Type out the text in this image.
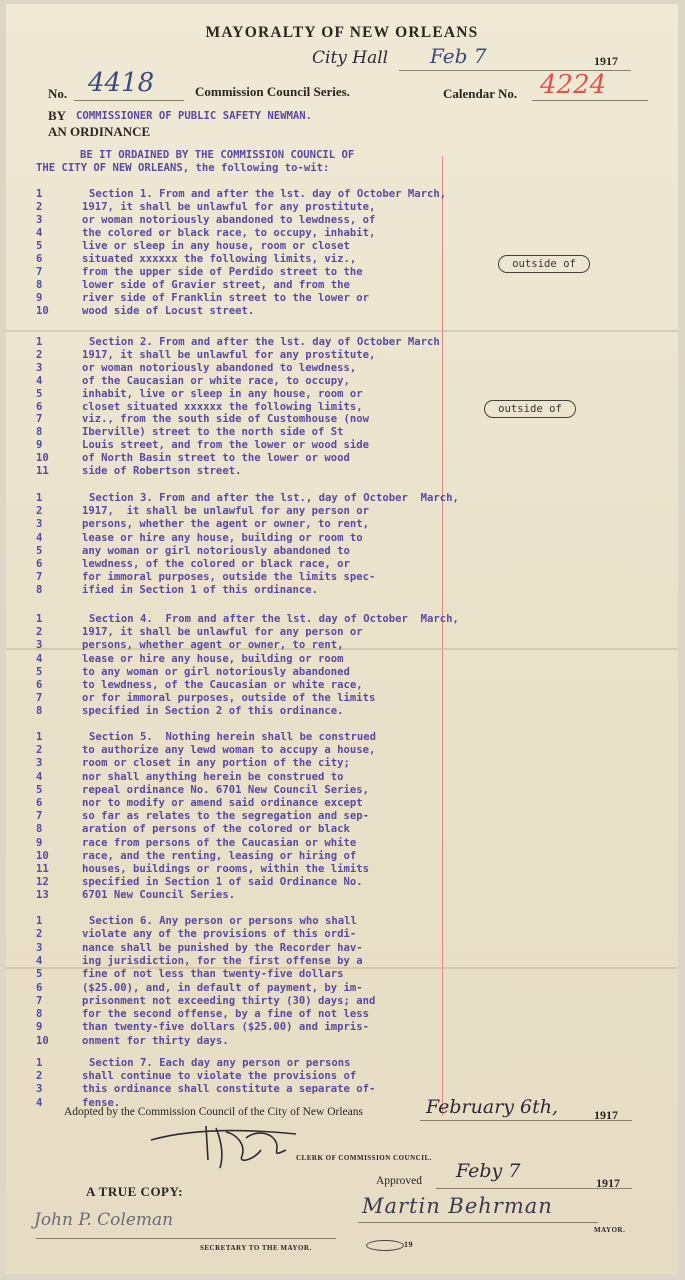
MAYORALTY OF NEW ORLEANS
City Hall Feb 7	1917
No. 4418	Commission Council Series.	Calendar No. 4224
BY COMMISSIONER OF PUBLIC SAFETY NEWMAN.
AN ORDINANCE
BE IT ORDAINED BY THE COMMISSION COUNCIL OF
THE CITY OF NEW ORLEANS, the following to-wit:
1	Section 1. From and after the lst. day of October March,
2	1917, it shall be unlawful for any prostitute,
3	or woman notoriously abandoned to lewdness, of
4	the colored or black race, to occupy, inhabit,
5	live or sleep in any house, room or closet
6	situated xxxxxx the following limits, viz.,
7	from the upper side of Perdido street to the
8	lower side of Gravier street, and from the
9	river side of Franklin street to the lower or
10	wood side of Locust street.
1	Section 2. From and after the lst. day of October March
2	1917, it shall be unlawful for any prostitute,
3	or woman notoriously abandoned to lewdness,
4	of the Caucasian or white race, to occupy,
5	inhabit, live or sleep in any house, room or
6	closet situated xxxxxx the following limits,
7	viz., from the south side of Customhouse (now
8	Iberville) street to the north side of St
9	Louis street, and from the lower or wood side
10	of North Basin street to the lower or wood
11	side of Robertson street.
1	Section 3. From and after the lst., day of October  March,
2	1917,  it shall be unlawful for any person or
3	persons, whether the agent or owner, to rent,
4	lease or hire any house, building or room to
5	any woman or girl notoriously abandoned to
6	lewdness, of the colored or black race, or
7	for immoral purposes, outside the limits spec-
8	ified in Section 1 of this ordinance.
1	Section 4.  From and after the lst. day of October  March,
2	1917, it shall be unlawful for any person or
3	persons, whether agent or owner, to rent,
4	lease or hire any house, building or room
5	to any woman or girl notoriously abandoned
6	to lewdness, of the Caucasian or white race,
7	or for immoral purposes, outside of the limits
8	specified in Section 2 of this ordinance.
1	Section 5.  Nothing herein shall be construed
2	to authorize any lewd woman to accupy a house,
3	room or closet in any portion of the city;
4	nor shall anything herein be construed to
5	repeal ordinance No. 6701 New Council Series,
6	nor to modify or amend said ordinance except
7	so far as relates to the segregation and sep-
8	aration of persons of the colored or black
9	race from persons of the Caucasian or white
10	race, and the renting, leasing or hiring of
11	houses, buildings or rooms, within the limits
12	specified in Section 1 of said Ordinance No.
13	6701 New Council Series.
1	Section 6. Any person or persons who shall
2	violate any of the provisions of this ordi-
3	nance shall be punished by the Recorder hav-
4	ing jurisdiction, for the first offense by a
5	fine of not less than twenty-five dollars
6	($25.00), and, in default of payment, by im-
7	prisonment not exceeding thirty (30) days; and
8	for the second offense, by a fine of not less
9	than twenty-five dollars ($25.00) and impris-
10	onment for thirty days.
1	Section 7. Each day any person or persons
2	shall continue to violate the provisions of
3	this ordinance shall constitute a separate of-
4	fense.
outside of
outside of
Adopted by the Commission Council of the City of New Orleans	February 6th,	1917
CLERK OF COMMISSION COUNCIL.
Approved Feby 7
1917
A TRUE COPY:
Martin Behrman
MAYOR.
John P. Coleman
SECRETARY TO THE MAYOR.	19
